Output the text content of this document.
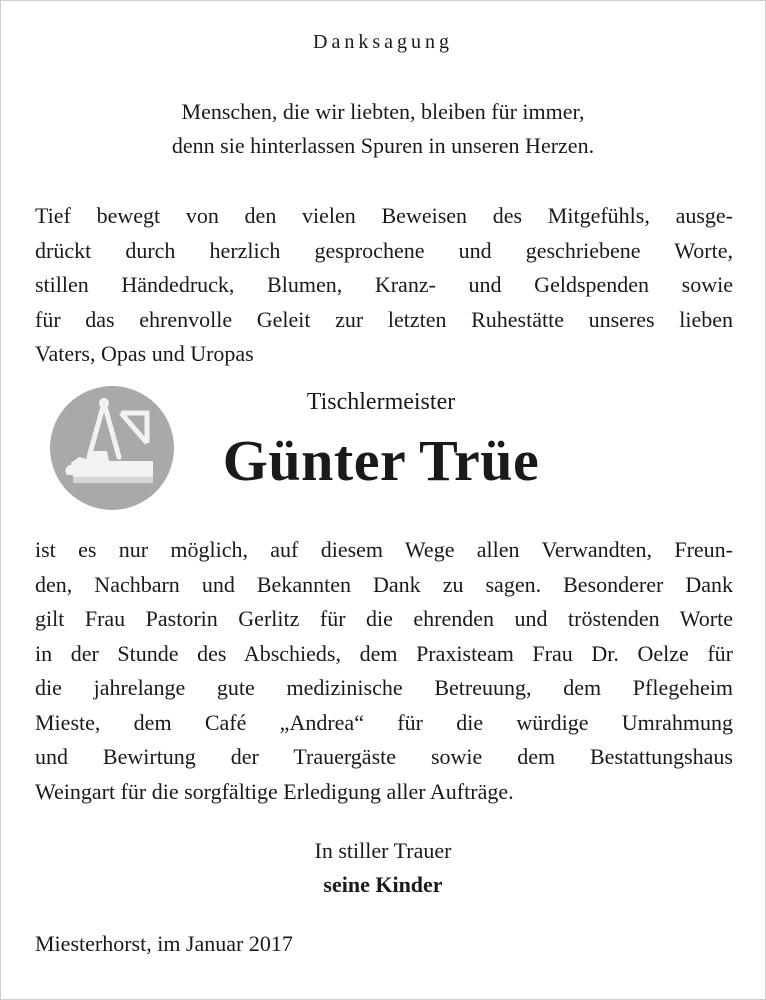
Danksagung
Menschen, die wir liebten, bleiben für immer,
denn sie hinterlassen Spuren in unseren Herzen.
Tief bewegt von den vielen Beweisen des Mitgefühls, ausge-
drückt durch herzlich gesprochene und geschriebene Worte,
stillen Händedruck, Blumen, Kranz- und Geldspenden sowie
für das ehrenvolle Geleit zur letzten Ruhestätte unseres lieben
Vaters, Opas und Uropas
Tischlermeister
Günter Trüe
ist es nur möglich, auf diesem Wege allen Verwandten, Freun-
den, Nachbarn und Bekannten Dank zu sagen. Besonderer Dank
gilt Frau Pastorin Gerlitz für die ehrenden und tröstenden Worte
in der Stunde des Abschieds, dem Praxisteam Frau Dr. Oelze für
die jahrelange gute medizinische Betreuung, dem Pflegeheim
Mieste, dem Café „Andrea“ für die würdige Umrahmung
und Bewirtung der Trauergäste sowie dem Bestattungshaus
Weingart für die sorgfältige Erledigung aller Aufträge.
In stiller Trauer
seine Kinder
Miesterhorst, im Januar 2017
